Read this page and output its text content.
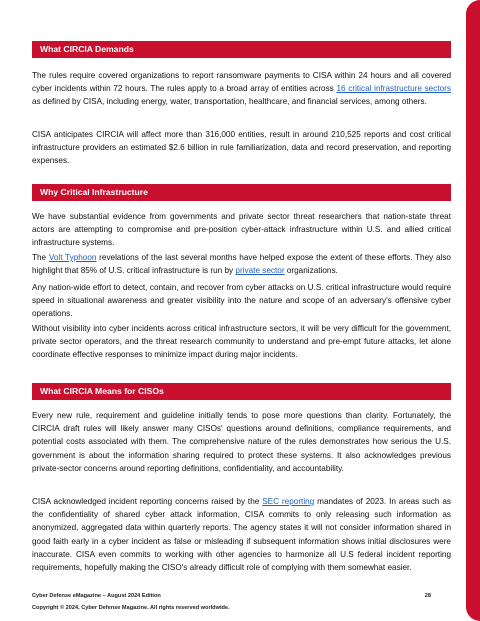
What CIRCIA Demands

The rules require covered organizations to report ransomware payments to CISA within 24 hours and all covered cyber incidents within 72 hours. The rules apply to a broad array of entities across 16 critical infrastructure sectors as defined by CISA, including energy, water, transportation, healthcare, and financial services, among others.

CISA anticipates CIRCIA will affect more than 316,000 entities, result in around 210,525 reports and cost critical infrastructure providers an estimated $2.6 billion in rule familiarization, data and record preservation, and reporting expenses.

Why Critical Infrastructure

We have substantial evidence from governments and private sector threat researchers that nation-state threat actors are attempting to compromise and pre-position cyber-attack infrastructure within U.S. and allied critical infrastructure systems.

The Volt Typhoon revelations of the last several months have helped expose the extent of these efforts. They also highlight that 85% of U.S. critical infrastructure is run by private sector organizations.

Any nation-wide effort to detect, contain, and recover from cyber attacks on U.S. critical infrastructure would require speed in situational awareness and greater visibility into the nature and scope of an adversary's offensive cyber operations.

Without visibility into cyber incidents across critical infrastructure sectors, it will be very difficult for the government, private sector operators, and the threat research community to understand and pre-empt future attacks, let alone coordinate effective responses to minimize impact during major incidents.

What CIRCIA Means for CISOs

Every new rule, requirement and guideline initially tends to pose more questions than clarity. Fortunately, the CIRCIA draft rules will likely answer many CISOs' questions around definitions, compliance requirements, and potential costs associated with them. The comprehensive nature of the rules demonstrates how serious the U.S. government is about the information sharing required to protect these systems. It also acknowledges previous private-sector concerns around reporting definitions, confidentiality, and accountability.

CISA acknowledged incident reporting concerns raised by the SEC reporting mandates of 2023. In areas such as the confidentiality of shared cyber attack information, CISA commits to only releasing such information as anonymized, aggregated data within quarterly reports. The agency states it will not consider information shared in good faith early in a cyber incident as false or misleading if subsequent information shows initial disclosures were inaccurate. CISA even commits to working with other agencies to harmonize all U.S federal incident reporting requirements, hopefully making the CISO's already difficult role of complying with them somewhat easier.

Cyber Defense eMagazine – August 2024 Edition	28
Copyright © 2024, Cyber Defense Magazine. All rights reserved worldwide.
